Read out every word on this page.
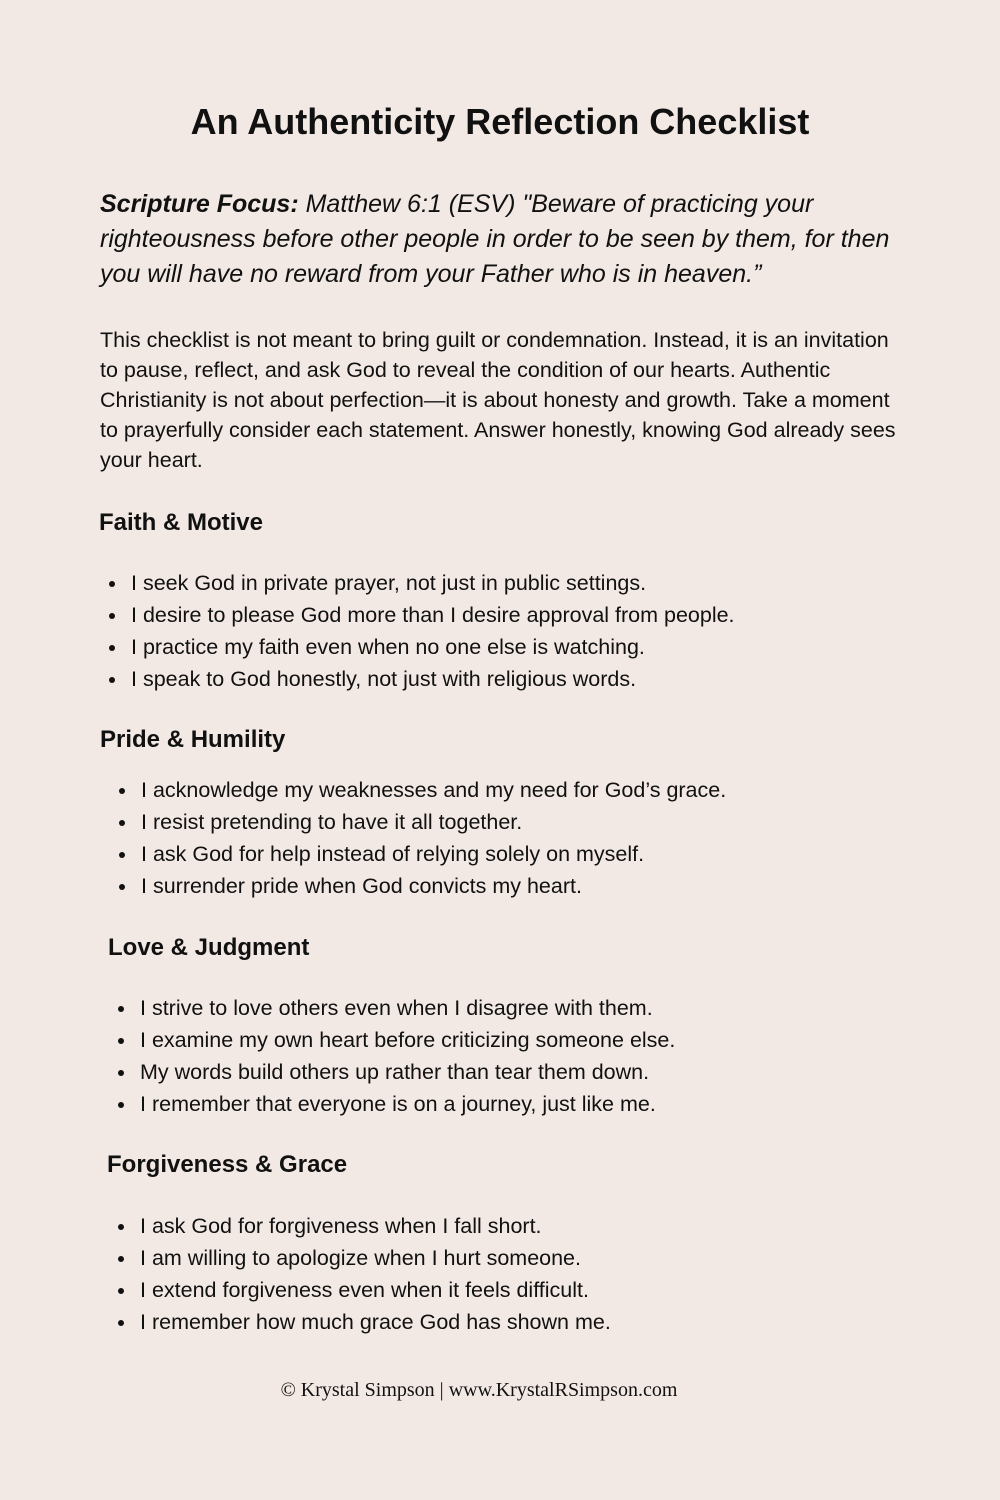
An Authenticity Reflection Checklist

Scripture Focus: Matthew 6:1 (ESV) "Beware of practicing your righteousness before other people in order to be seen by them, for then you will have no reward from your Father who is in heaven.”

This checklist is not meant to bring guilt or condemnation. Instead, it is an invitation to pause, reflect, and ask God to reveal the condition of our hearts. Authentic Christianity is not about perfection—it is about honesty and growth. Take a moment to prayerfully consider each statement. Answer honestly, knowing God already sees your heart.

Faith & Motive
I seek God in private prayer, not just in public settings.
I desire to please God more than I desire approval from people.
I practice my faith even when no one else is watching.
I speak to God honestly, not just with religious words.
Pride & Humility
I acknowledge my weaknesses and my need for God’s grace.
I resist pretending to have it all together.
I ask God for help instead of relying solely on myself.
I surrender pride when God convicts my heart.
Love & Judgment
I strive to love others even when I disagree with them.
I examine my own heart before criticizing someone else.
My words build others up rather than tear them down.
I remember that everyone is on a journey, just like me.
Forgiveness & Grace
I ask God for forgiveness when I fall short.
I am willing to apologize when I hurt someone.
I extend forgiveness even when it feels difficult.
I remember how much grace God has shown me.

© Krystal Simpson | www.KrystalRSimpson.com
